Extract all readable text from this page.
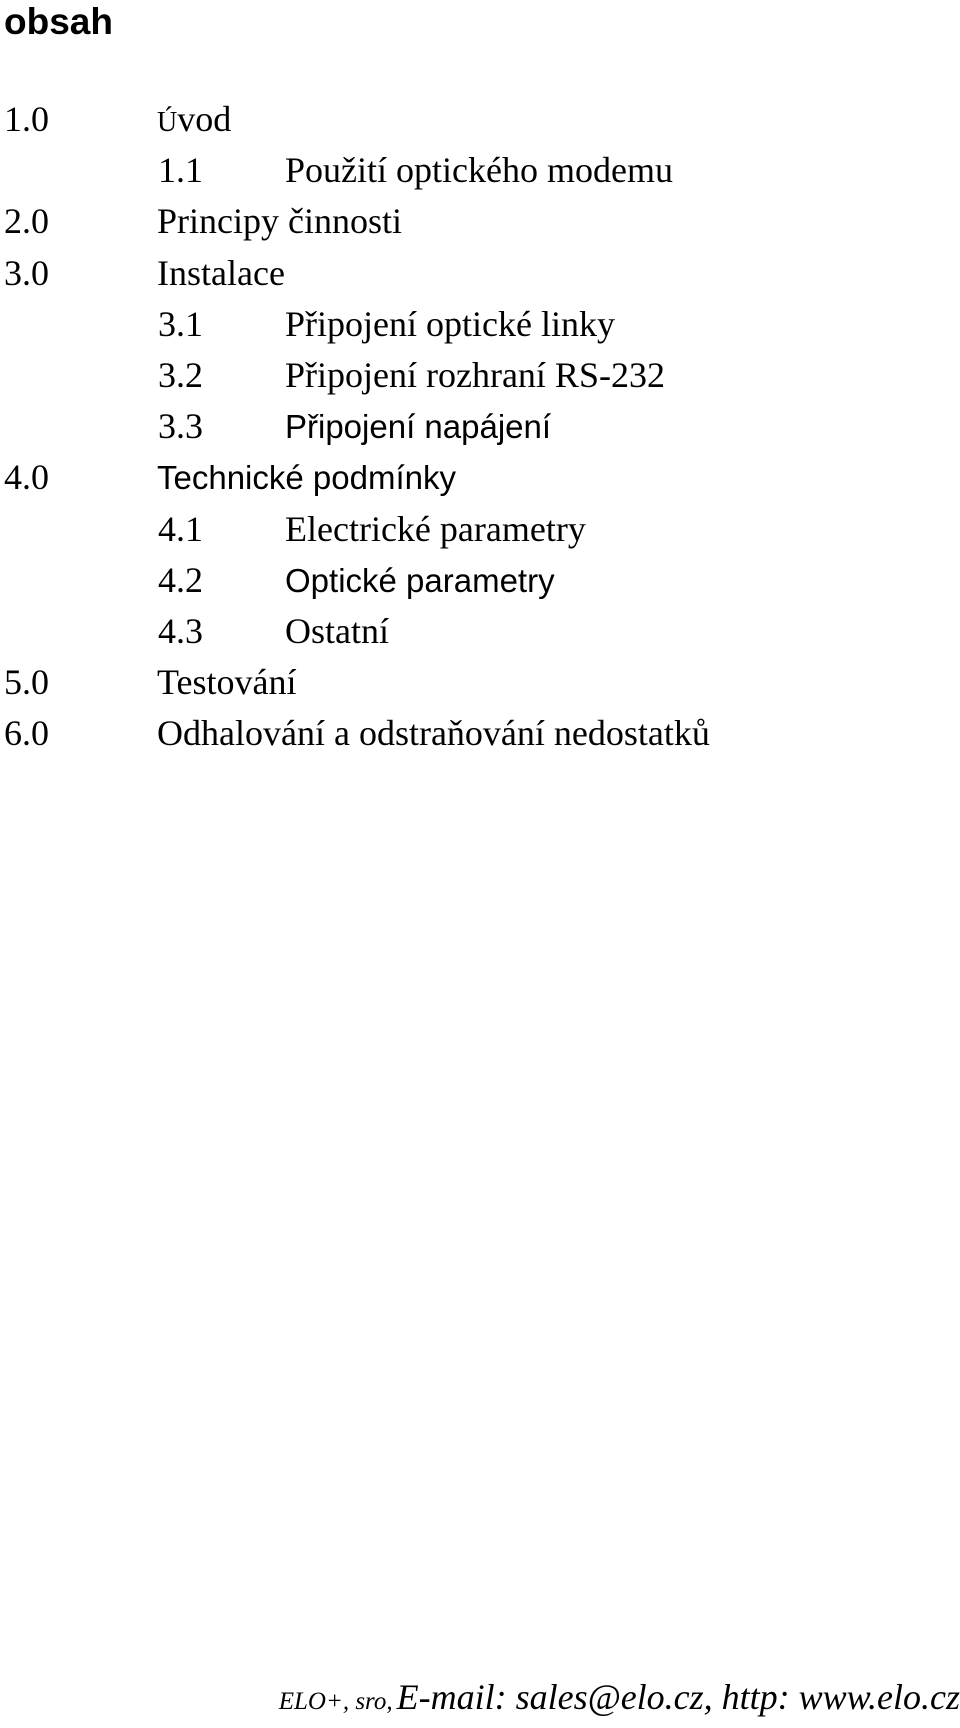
obsah
1.0	Úvod
1.1 Použití optického modemu
2.0	Principy činnosti
3.0	Instalace
3.1 Připojení optické linky
3.2 Připojení rozhraní RS-232
3.3 Připojení napájení
4.0	Technické podmínky
4.1 Electrické parametry
4.2 Optické parametry
4.3 Ostatní
5.0	Testování
6.0	Odhalování a odstraňování nedostatků
ELO+, sro, E-mail: sales@elo.cz, http: www.elo.cz
